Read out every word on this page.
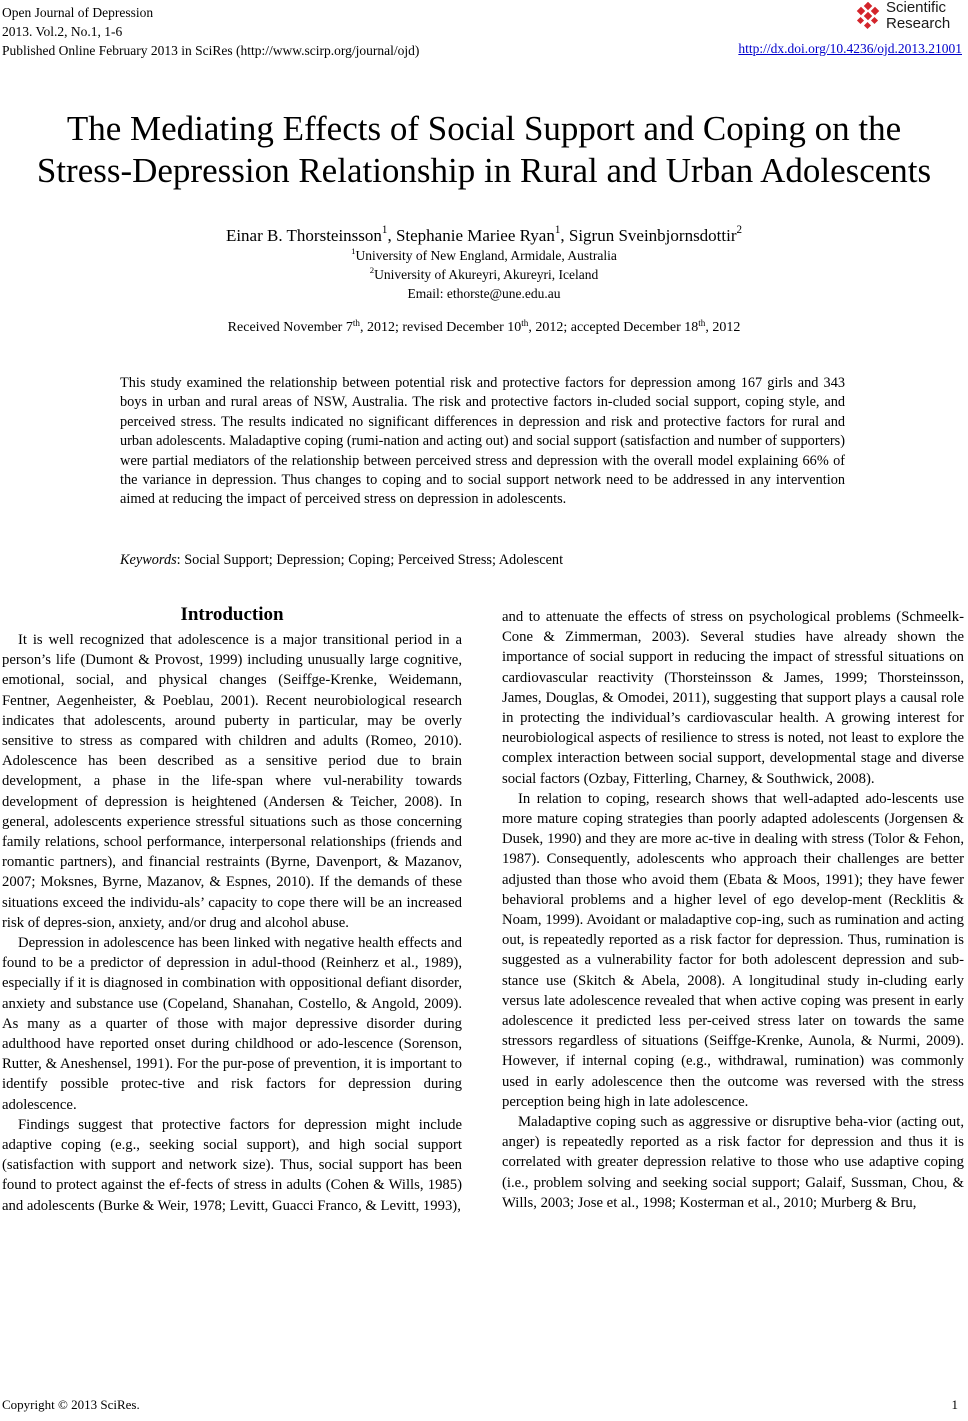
Open Journal of Depression
2013. Vol.2, No.1, 1-6
Published Online February 2013 in SciRes (http://www.scirp.org/journal/ojd)
Scientific
Research
http://dx.doi.org/10.4236/ojd.2013.21001
The Mediating Effects of Social Support and Coping on the
Stress-Depression Relationship in Rural and Urban Adolescents
Einar B. Thorsteinsson$^1$, Stephanie Mariee Ryan$^1$, Sigrun Sveinbjornsdottir$^2$
$^1$University of New England, Armidale, Australia
$^2$University of Akureyri, Akureyri, Iceland
Email: ethorste@une.edu.au
Received November 7th, 2012; revised December 10th, 2012; accepted December 18th, 2012
This study examined the relationship between potential risk and protective factors for depression among 167 girls and 343 boys in urban and rural areas of NSW, Australia. The risk and protective factors in-cluded social support, coping style, and perceived stress. The results indicated no significant differences in depression and risk and protective factors for rural and urban adolescents. Maladaptive coping (rumi-nation and acting out) and social support (satisfaction and number of supporters) were partial mediators of the relationship between perceived stress and depression with the overall model explaining 66% of the variance in depression. Thus changes to coping and to social support network need to be addressed in any intervention aimed at reducing the impact of perceived stress on depression in adolescents.
Keywords: Social Support; Depression; Coping; Perceived Stress; Adolescent
Introduction

It is well recognized that adolescence is a major transitional period in a person’s life (Dumont & Provost, 1999) including unusually large cognitive, emotional, social, and physical changes (Seiffge-Krenke, Weidemann, Fentner, Aegenheister, & Poeblau, 2001). Recent neurobiological research indicates that adolescents, around puberty in particular, may be overly sensitive to stress as compared with children and adults (Romeo, 2010). Adolescence has been described as a sensitive period due to brain development, a phase in the life-span where vul-nerability towards development of depression is heightened (Andersen & Teicher, 2008). In general, adolescents experience stressful situations such as those concerning family relations, school performance, interpersonal relationships (friends and romantic partners), and financial restraints (Byrne, Davenport, & Mazanov, 2007; Moksnes, Byrne, Mazanov, & Espnes, 2010). If the demands of these situations exceed the individu-als’ capacity to cope there will be an increased risk of depres-sion, anxiety, and/or drug and alcohol abuse.

Depression in adolescence has been linked with negative health effects and found to be a predictor of depression in adul-thood (Reinherz et al., 1989), especially if it is diagnosed in combination with oppositional defiant disorder, anxiety and substance use (Copeland, Shanahan, Costello, & Angold, 2009). As many as a quarter of those with major depressive disorder during adulthood have reported onset during childhood or ado-lescence (Sorenson, Rutter, & Aneshensel, 1991). For the pur-pose of prevention, it is important to identify possible protec-tive and risk factors for depression during adolescence.

Findings suggest that protective factors for depression might include adaptive coping (e.g., seeking social support), and high social support (satisfaction with support and network size). Thus, social support has been found to protect against the ef-fects of stress in adults (Cohen & Wills, 1985) and adolescents (Burke & Weir, 1978; Levitt, Guacci Franco, & Levitt, 1993),

and to attenuate the effects of stress on psychological problems (Schmeelk-Cone & Zimmerman, 2003). Several studies have already shown the importance of social support in reducing the impact of stressful situations on cardiovascular reactivity (Thorsteinsson & James, 1999; Thorsteinsson, James, Douglas, & Omodei, 2011), suggesting that support plays a causal role in protecting the individual’s cardiovascular health. A growing interest for neurobiological aspects of resilience to stress is noted, not least to explore the complex interaction between social support, developmental stage and diverse social factors (Ozbay, Fitterling, Charney, & Southwick, 2008).

In relation to coping, research shows that well-adapted ado-lescents use more mature coping strategies than poorly adapted adolescents (Jorgensen & Dusek, 1990) and they are more ac-tive in dealing with stress (Tolor & Fehon, 1987). Consequently, adolescents who approach their challenges are better adjusted than those who avoid them (Ebata & Moos, 1991); they have fewer behavioral problems and a higher level of ego develop-ment (Recklitis & Noam, 1999). Avoidant or maladaptive cop-ing, such as rumination and acting out, is repeatedly reported as a risk factor for depression. Thus, rumination is suggested as a vulnerability factor for both adolescent depression and sub-stance use (Skitch & Abela, 2008). A longitudinal study in-cluding early versus late adolescence revealed that when active coping was present in early adolescence it predicted less per-ceived stress later on towards the same stressors regardless of situations (Seiffge-Krenke, Aunola, & Nurmi, 2009). However, if internal coping (e.g., withdrawal, rumination) was commonly used in early adolescence then the outcome was reversed with the stress perception being high in late adolescence.

Maladaptive coping such as aggressive or disruptive beha-vior (acting out, anger) is repeatedly reported as a risk factor for depression and thus it is correlated with greater depression relative to those who use adaptive coping (i.e., problem solving and seeking social support; Galaif, Sussman, Chou, & Wills, 2003; Jose et al., 1998; Kosterman et al., 2010; Murberg & Bru,

Copyright © 2013 SciRes.	1
